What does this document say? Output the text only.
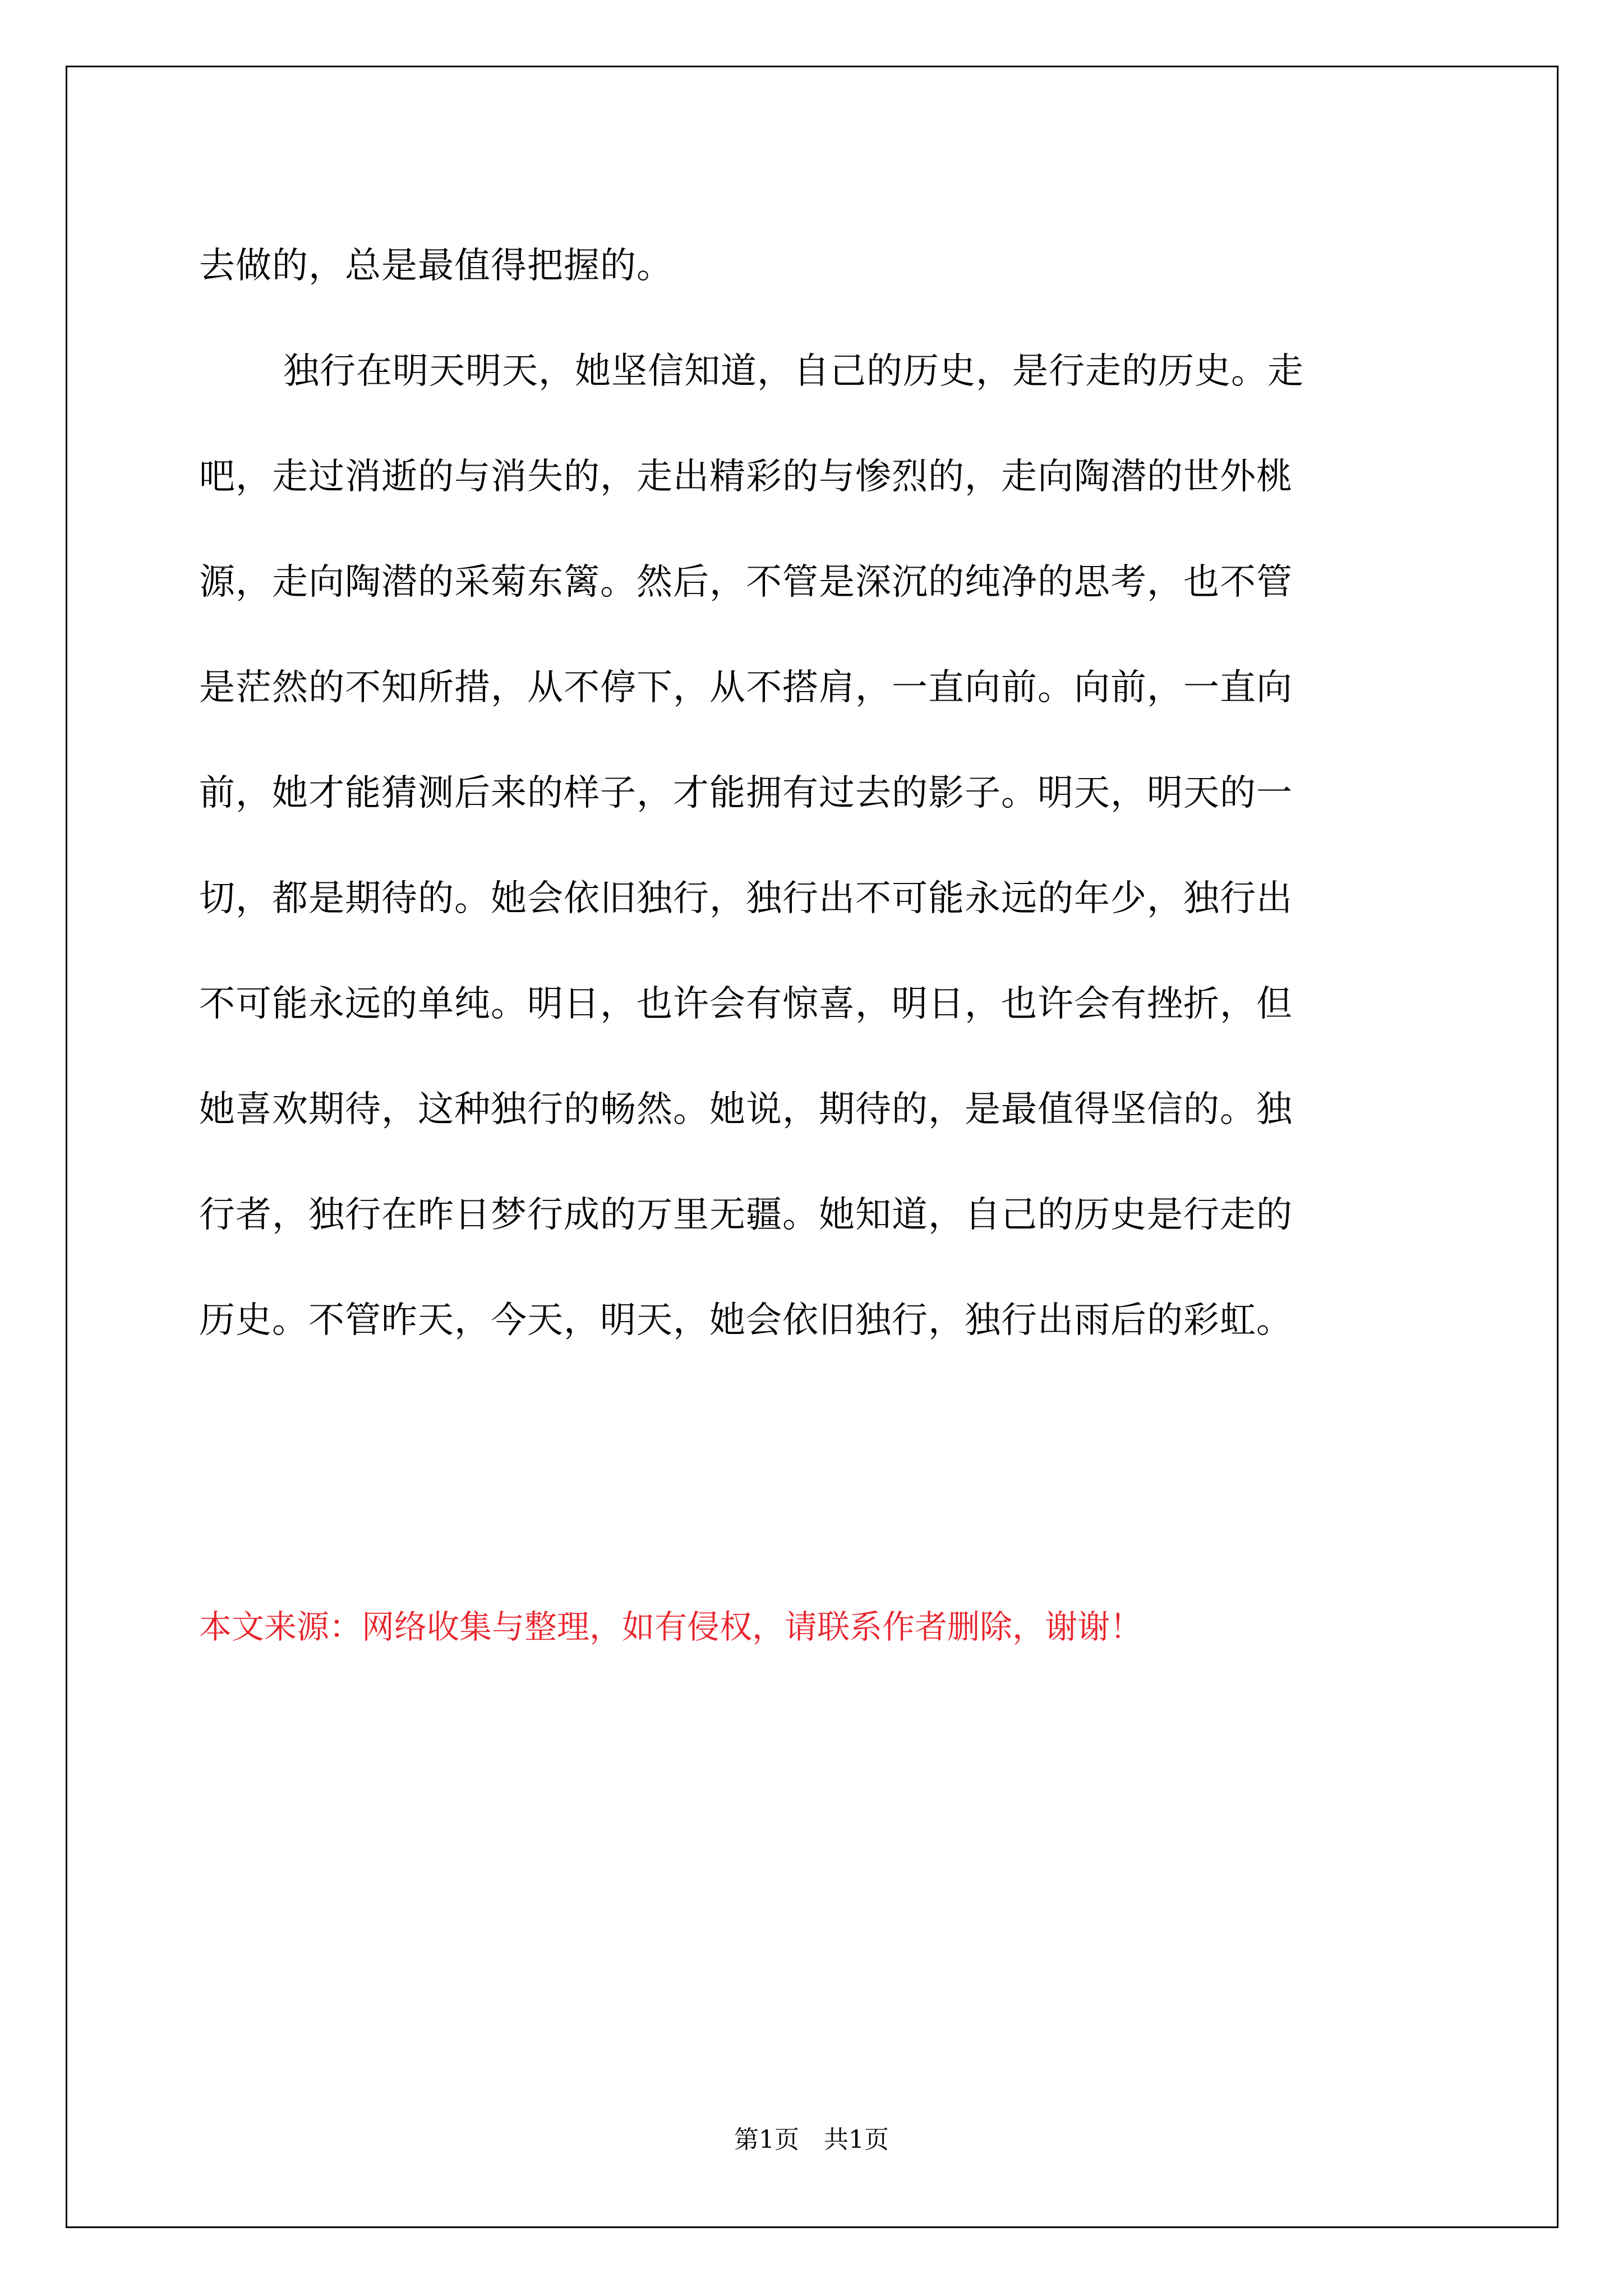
去做的，总是最值得把握的。
独行在明天明天，她坚信知道，自己的历史，是行走的历史。走
吧，走过消逝的与消失的，走出精彩的与惨烈的，走向陶潜的世外桃
源，走向陶潜的采菊东篱。然后，不管是深沉的纯净的思考，也不管
是茫然的不知所措，从不停下，从不搭肩，一直向前。向前，一直向
前，她才能猜测后来的样子，才能拥有过去的影子。明天，明天的一
切，都是期待的。她会依旧独行，独行出不可能永远的年少，独行出
不可能永远的单纯。明日，也许会有惊喜，明日，也许会有挫折，但
她喜欢期待，这种独行的畅然。她说，期待的，是最值得坚信的。独
行者，独行在昨日梦行成的万里无疆。她知道，自己的历史是行走的
历史。不管昨天，今天，明天，她会依旧独行，独行出雨后的彩虹。
本文来源：网络收集与整理，如有侵权，请联系作者删除，谢谢！
第1页　共1页
